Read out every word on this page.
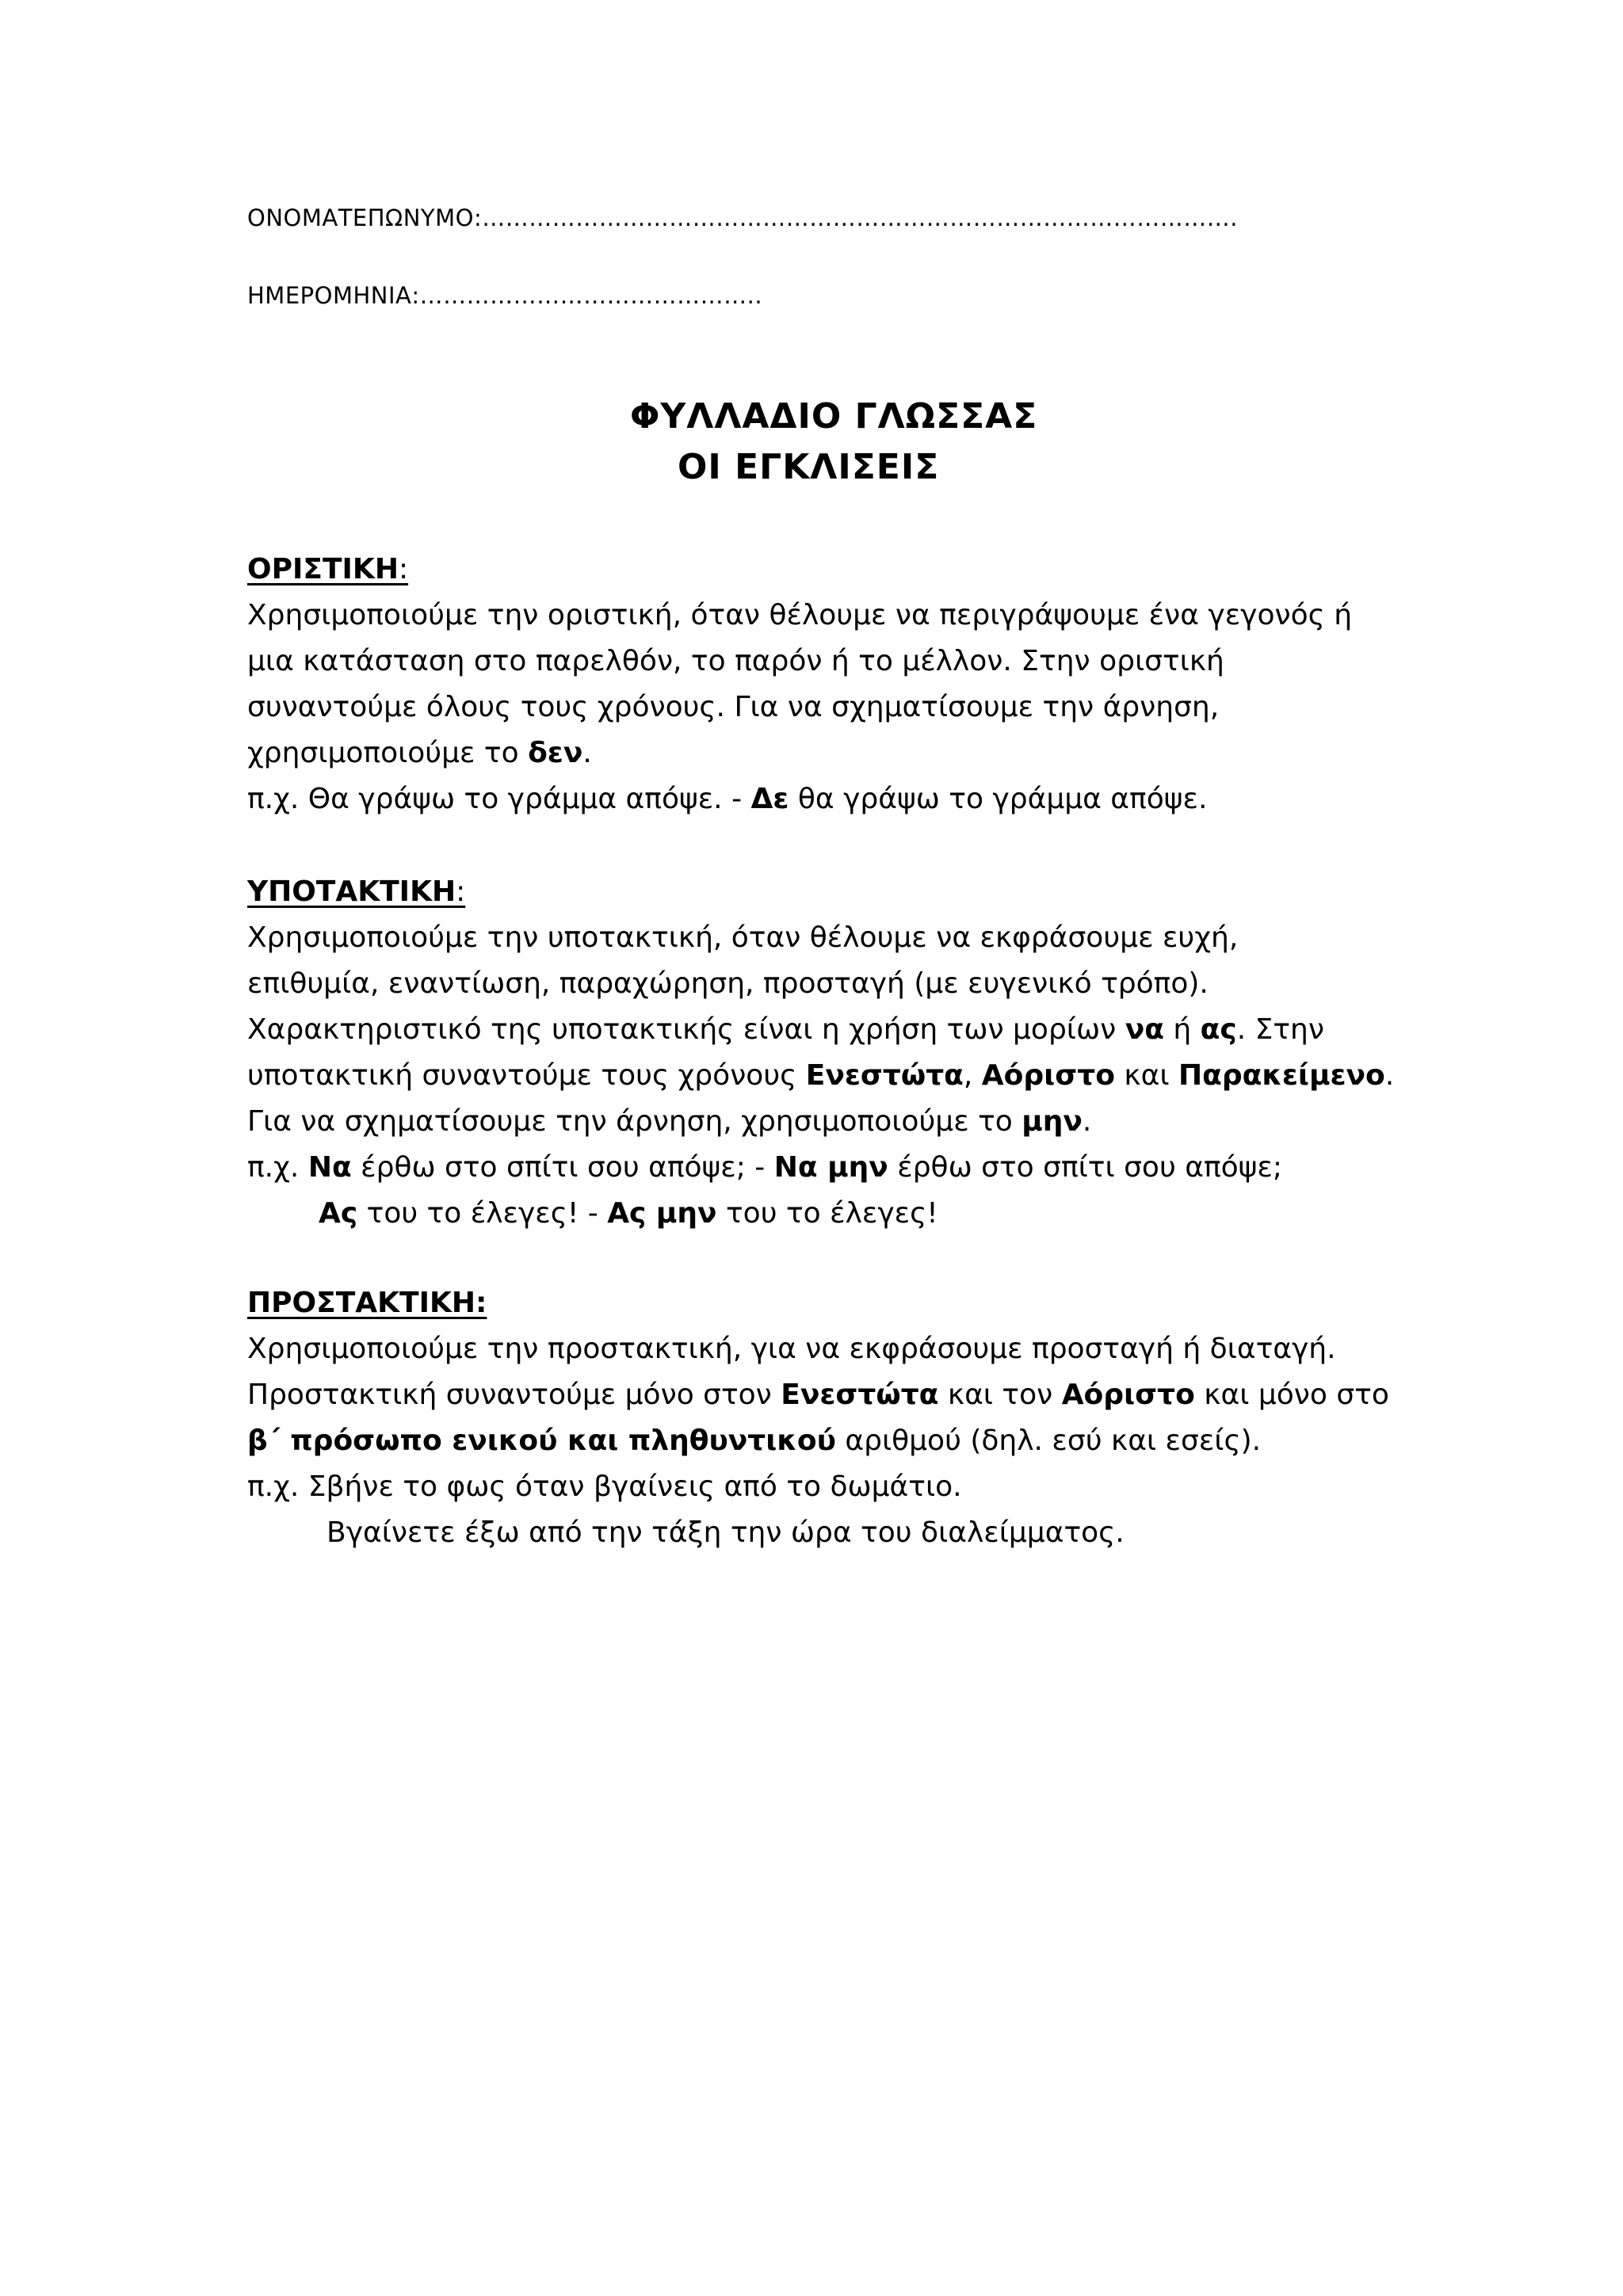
ΟΝΟΜΑΤΕΠΩΝΥΜΟ:…………………………………………………………………………………….
ΗΜΕΡΟΜΗΝΙΑ:……………………………………..
ΦΥΛΛΑΔΙΟ ΓΛΩΣΣΑΣ
ΟΙ ΕΓΚΛΙΣΕΙΣ
ΟΡΙΣΤΙΚΗ:
Χρησιμοποιούμε την οριστική, όταν θέλουμε να περιγράψουμε ένα γεγονός ή
μια κατάσταση στο παρελθόν, το παρόν ή το μέλλον. Στην οριστική
συναντούμε όλους τους χρόνους. Για να σχηματίσουμε την άρνηση,
χρησιμοποιούμε το δεν.
π.χ. Θα γράψω το γράμμα απόψε. - Δε θα γράψω το γράμμα απόψε.
ΥΠΟΤΑΚΤΙΚΗ:
Χρησιμοποιούμε την υποτακτική, όταν θέλουμε να εκφράσουμε ευχή,
επιθυμία, εναντίωση, παραχώρηση, προσταγή (με ευγενικό τρόπο).
Χαρακτηριστικό της υποτακτικής είναι η χρήση των μορίων να ή ας. Στην
υποτακτική συναντούμε τους χρόνους Ενεστώτα, Αόριστο και Παρακείμενο.
Για να σχηματίσουμε την άρνηση, χρησιμοποιούμε το μην.
π.χ. Να έρθω στο σπίτι σου απόψε; - Να μην έρθω στο σπίτι σου απόψε;
Ας του το έλεγες! - Ας μην του το έλεγες!
ΠΡΟΣΤΑΚΤΙΚΗ:
Χρησιμοποιούμε την προστακτική, για να εκφράσουμε προσταγή ή διαταγή.
Προστακτική συναντούμε μόνο στον Ενεστώτα και τον Αόριστο και μόνο στο
β΄ πρόσωπο ενικού και πληθυντικού αριθμού (δηλ. εσύ και εσείς).
π.χ. Σβήνε το φως όταν βγαίνεις από το δωμάτιο.
Βγαίνετε έξω από την τάξη την ώρα του διαλείμματος.
